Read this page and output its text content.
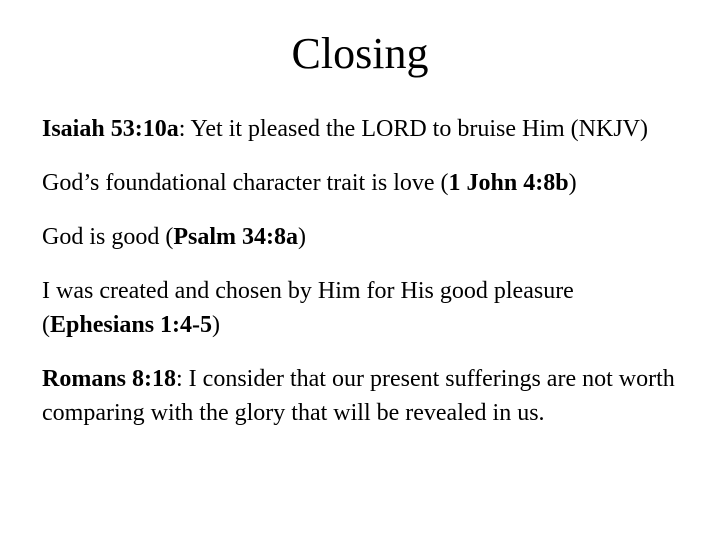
Closing

Isaiah 53:10a: Yet it pleased the LORD to bruise Him (NKJV)

God’s foundational character trait is love (1 John 4:8b)

God is good (Psalm 34:8a)

I was created and chosen by Him for His good pleasure (Ephesians 1:4-5)

Romans 8:18: I consider that our present sufferings are not worth comparing with the glory that will be revealed in us.
